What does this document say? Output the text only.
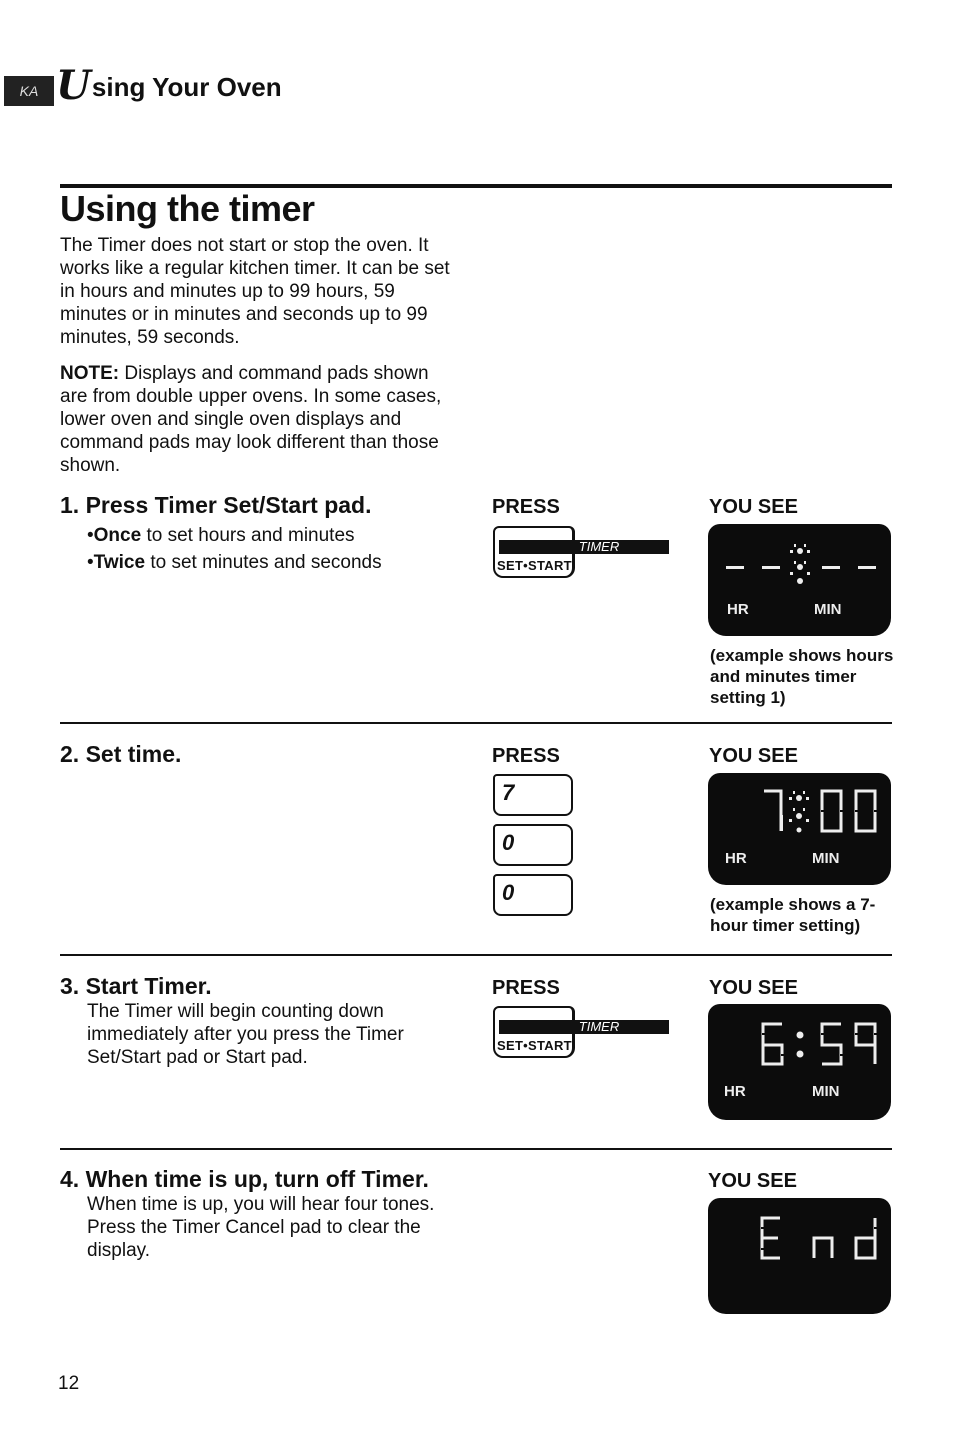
KA U sing Your Oven
Using the timer

The Timer does not start or stop the oven. It works like a regular kitchen timer. It can be set in hours and minutes up to 99 hours, 59 minutes or in minutes and seconds up to 99 minutes, 59 seconds.

NOTE: Displays and command pads shown are from double upper ovens. In some cases, lower oven and single oven displays and command pads may look different than those shown.

1. Press Timer Set/Start pad.
•Once to set hours and minutes
•Twice to set minutes and seconds
PRESS	YOU SEE
TIMER
SET•START
HR	MIN
(example shows hours and minutes timer setting 1)
2. Set time.	PRESS	YOU SEE
7
0
0
HR	MIN
(example shows a 7-hour timer setting)
3. Start Timer.
The Timer will begin counting down immediately after you press the Timer Set/Start pad or Start pad.
PRESS	YOU SEE
TIMER
SET•START
HR	MIN
4. When time is up, turn off Timer.
When time is up, you will hear four tones. Press the Timer Cancel pad to clear the display.
YOU SEE
12
